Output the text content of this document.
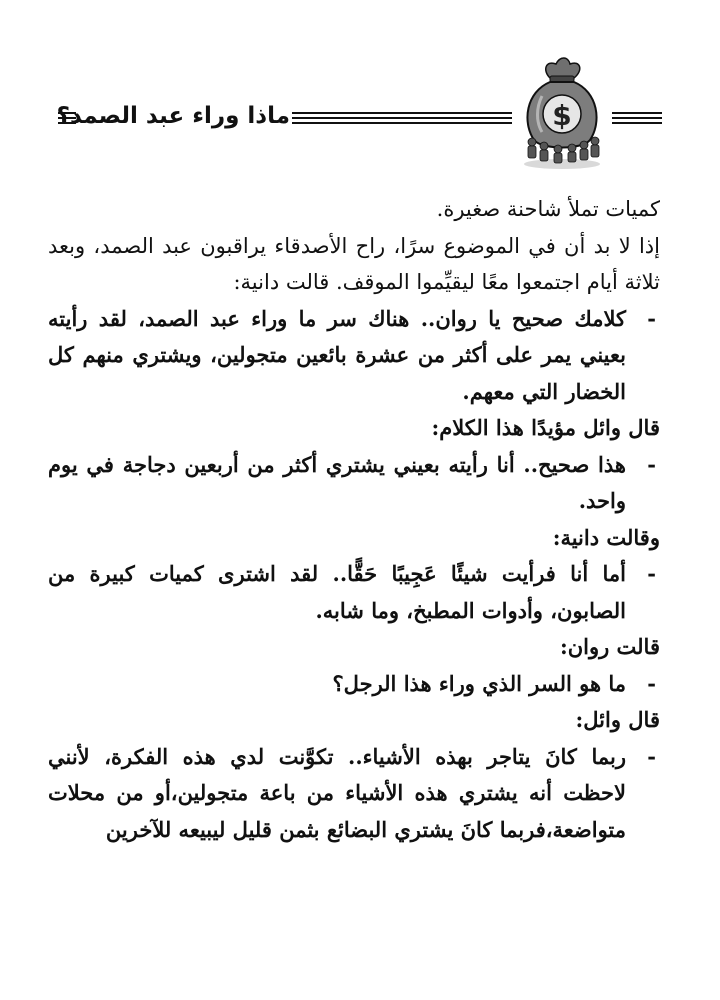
ماذا وراء عبد الصمد؟	$

كميات تملأ شاحنة صغيرة.

إذا لا بد أن في الموضوع سرًا، راح الأصدقاء يراقبون عبد الصمد، وبعد ثلاثة أيام اجتمعوا معًا ليقيِّموا الموقف. قالت دانية:

-
كلامك صحيح يا روان.. هناك سر ما وراء عبد الصمد، لقد رأيته بعيني يمر على أكثر من عشرة بائعين متجولين، ويشتري منهم كل الخضار التي معهم.

قال وائل مؤيدًا هذا الكلام:

-
هذا صحيح.. أنا رأيته بعيني يشتري أكثر من أربعين دجاجة في يوم واحد.

وقالت دانية:

-
أما أنا فرأيت شيئًا عَجِيبًا حَقًّا.. لقد اشترى كميات كبيرة من الصابون، وأدوات المطبخ، وما شابه.

قالت روان:

-
ما هو السر الذي وراء هذا الرجل؟

قال وائل:

-
ربما كانَ يتاجر بهذه الأشياء.. تكوَّنت لدي هذه الفكرة، لأنني لاحظت أنه يشتري هذه الأشياء من باعة متجولين،أو من محلات متواضعة،فربما كانَ يشتري البضائع بثمن قليل ليبيعه للآخرين
